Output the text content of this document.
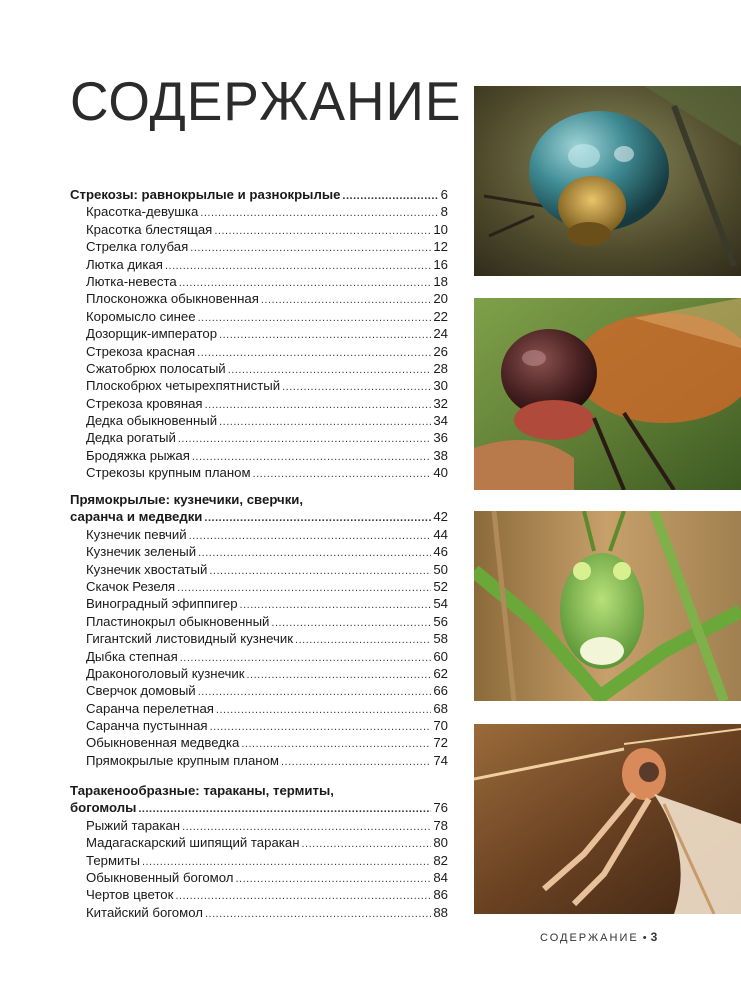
СОДЕРЖАНИЕ
Стрекозы: равнокрылые и разнокрылые .....	6
Красотка-девушка .....	8
Красотка блестящая .....	10
Стрелка голубая .....	12
Лютка дикая .....	16
Лютка-невеста .....	18
Плосконожка обыкновенная .....	20
Коромысло синее .....	22
Дозорщик-император .....	24
Стрекоза красная .....	26
Сжатобрюх полосатый .....	28
Плоскобрюх четырехпятнистый .....	30
Стрекоза кровяная .....	32
Дедка обыкновенный .....	34
Дедка рогатый .....	36
Бродяжка рыжая .....	38
Стрекозы крупным планом .....	40
Прямокрылые: кузнечики, сверчки,
саранча и медведки .....	42
Кузнечик певчий .....	44
Кузнечик зеленый .....	46
Кузнечик хвостатый .....	50
Скачок Резеля .....	52
Виноградный эфиппигер .....	54
Пластинокрыл обыкновенный .....	56
Гигантский листовидный кузнечик .....	58
Дыбка степная .....	60
Драконоголовый кузнечик .....	62
Сверчок домовый .....	66
Саранча перелетная .....	68
Саранча пустынная .....	70
Обыкновенная медведка .....	72
Прямокрылые крупным планом .....	74
Таракенообразные: тараканы, термиты,
богомолы .....	76
Рыжий таракан .....	78
Мадагаскарский шипящий таракан .....	80
Термиты .....	82
Обыкновенный богомол .....	84
Чертов цветок .....	86
Китайский богомол .....	88
СОДЕРЖАНИЕ • 3
